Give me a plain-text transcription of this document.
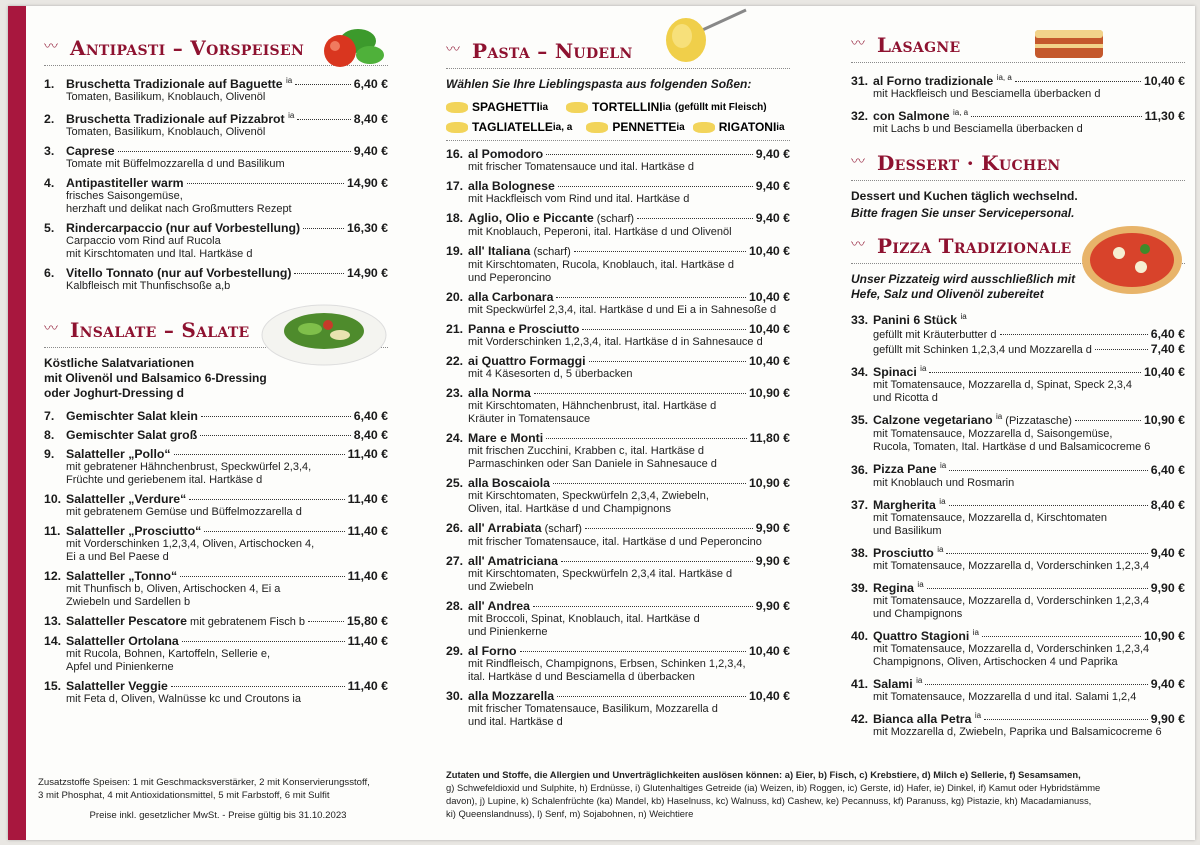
〰 Antipasti – Vorspeisen
1. Bruschetta Tradizionale auf Baguette $^{ia}$	6,40 €
Tomaten, Basilikum, Knoblauch, Olivenöl
2. Bruschetta Tradizionale auf Pizzabrot $^{ia}$	8,40 €
Tomaten, Basilikum, Knoblauch, Olivenöl
3. Caprese	9,40 €
Tomate mit Büffelmozzarella d und Basilikum
4. Antipastiteller warm	14,90 €
frisches Saisongemüse,
herzhaft und delikat nach Großmutters Rezept
5. Rindercarpaccio (nur auf Vorbestellung)	16,30 €
Carpaccio vom Rind auf Rucola
mit Kirschtomaten und Ital. Hartkäse d
6. Vitello Tonnato (nur auf Vorbestellung)	14,90 €
Kalbfleisch mit Thunfischsoße a,b
〰 Insalate – Salate
Köstliche Salatvariationen
mit Olivenöl und Balsamico 6-Dressing
oder Joghurt-Dressing d
7. Gemischter Salat klein	6,40 €
8. Gemischter Salat groß	8,40 €
9. Salatteller „Pollo“	11,40 €
mit gebratener Hähnchenbrust, Speckwürfel 2,3,4,
Früchte und geriebenem ital. Hartkäse d
10. Salatteller „Verdure“	11,40 €
mit gebratenem Gemüse und Büffelmozzarella d
11. Salatteller „Prosciutto“	11,40 €
mit Vorderschinken 1,2,3,4, Oliven, Artischocken 4,
Ei a und Bel Paese d
12. Salatteller „Tonno“	11,40 €
mit Thunfisch b, Oliven, Artischocken 4, Ei a
Zwiebeln und Sardellen b
13. Salatteller Pescatore mit gebratenem Fisch b	15,80 €
14. Salatteller Ortolana	11,40 €
mit Rucola, Bohnen, Kartoffeln, Sellerie e,
Apfel und Pinienkerne
15. Salatteller Veggie	11,40 €
mit Feta d, Oliven, Walnüsse kc und Croutons ia
Zusatzstoffe Speisen: 1 mit Geschmacksverstärker, 2 mit Konservierungsstoff,
3 mit Phosphat, 4 mit Antioxidationsmittel, 5 mit Farbstoff, 6 mit Sulfit
Preise inkl. gesetzlicher MwSt. - Preise gültig bis 31.10.2023
〰 Pasta – Nudeln
Wählen Sie Ihre Lieblingspasta aus folgenden Soßen:
SPAGHETTI ia	TORTELLINI ia (gefüllt mit Fleisch)
TAGLIATELLE ia, a	PENNETTE ia	RIGATONI ia
16. al Pomodoro	9,40 €
mit frischer Tomatensauce und ital. Hartkäse d
17. alla Bolognese	9,40 €
mit Hackfleisch vom Rind und ital. Hartkäse d
18. Aglio, Olio e Piccante (scharf)	9,40 €
mit Knoblauch, Peperoni, ital. Hartkäse d und Olivenöl
19. all' Italiana (scharf)	10,40 €
mit Kirschtomaten, Rucola, Knoblauch, ital. Hartkäse d
und Peperoncino
20. alla Carbonara	10,40 €
mit Speckwürfel 2,3,4, ital. Hartkäse d und Ei a in Sahnesoße d
21. Panna e Prosciutto	10,40 €
mit Vorderschinken 1,2,3,4, ital. Hartkäse d in Sahnesauce d
22. ai Quattro Formaggi	10,40 €
mit 4 Käsesorten d, 5 überbacken
23. alla Norma	10,90 €
mit Kirschtomaten, Hähnchenbrust, ital. Hartkäse d
Kräuter in Tomatensauce
24. Mare e Monti	11,80 €
mit frischen Zucchini, Krabben c, ital. Hartkäse d
Parmaschinken oder San Daniele in Sahnesauce d
25. alla Boscaiola	10,90 €
mit Kirschtomaten, Speckwürfeln 2,3,4, Zwiebeln,
Oliven, ital. Hartkäse d und Champignons
26. all' Arrabiata (scharf)	9,90 €
mit frischer Tomatensauce, ital. Hartkäse d und Peperoncino
27. all' Amatriciana	9,90 €
mit Kirschtomaten, Speckwürfeln 2,3,4 ital. Hartkäse d
und Zwiebeln
28. all' Andrea	9,90 €
mit Broccoli, Spinat, Knoblauch, ital. Hartkäse d
und Pinienkerne
29. al Forno	10,40 €
mit Rindfleisch, Champignons, Erbsen, Schinken 1,2,3,4,
ital. Hartkäse d und Besciamella d überbacken
30. alla Mozzarella	10,40 €
mit frischer Tomatensauce, Basilikum, Mozzarella d
und ital. Hartkäse d
Zutaten und Stoffe, die Allergien und Unverträglichkeiten auslösen können: a) Eier, b) Fisch, c) Krebstiere, d) Milch e) Sellerie, f) Sesamsamen,
g) Schwefeldioxid und Sulphite, h) Erdnüsse, i) Glutenhaltiges Getreide (ia) Weizen, ib) Roggen, ic) Gerste, id) Hafer, ie) Dinkel, if) Kamut oder Hybridstämme
davon), j) Lupine, k) Schalenfrüchte (ka) Mandel, kb) Haselnuss, kc) Walnuss, kd) Cashew, ke) Pecannuss, kf) Paranuss, kg) Pistazie, kh) Macadamianuss,
ki) Queenslandnuss), l) Senf, m) Sojabohnen, n) Weichtiere
〰 Lasagne
31. al Forno tradizionale $^{ia, a}$	10,40 €
mit Hackfleisch und Besciamella überbacken d
32. con Salmone $^{ia, a}$	11,30 €
mit Lachs b und Besciamella überbacken d
〰 Dessert · Kuchen
Dessert und Kuchen täglich wechselnd.
Bitte fragen Sie unser Servicepersonal.
〰 Pizza Tradizionale
Unser Pizzateig wird ausschließlich mit
Hefe, Salz und Olivenöl zubereitet
33. Panini 6 Stück $^{ia}$
gefüllt mit Kräuterbutter d	6,40 €
gefüllt mit Schinken 1,2,3,4 und Mozzarella d	7,40 €
34. Spinaci $^{ia}$	10,40 €
mit Tomatensauce, Mozzarella d, Spinat, Speck 2,3,4
und Ricotta d
35. Calzone vegetariano $^{ia}$ (Pizzatasche)	10,90 €
mit Tomatensauce, Mozzarella d, Saisongemüse,
Rucola, Tomaten, Ital. Hartkäse d und Balsamicocreme 6
36. Pizza Pane $^{ia}$	6,40 €
mit Knoblauch und Rosmarin
37. Margherita $^{ia}$	8,40 €
mit Tomatensauce, Mozzarella d, Kirschtomaten
und Basilikum
38. Prosciutto $^{ia}$	9,40 €
mit Tomatensauce, Mozzarella d, Vorderschinken 1,2,3,4
39. Regina $^{ia}$	9,90 €
mit Tomatensauce, Mozzarella d, Vorderschinken 1,2,3,4
und Champignons
40. Quattro Stagioni $^{ia}$	10,90 €
mit Tomatensauce, Mozzarella d, Vorderschinken 1,2,3,4
Champignons, Oliven, Artischocken 4 und Paprika
41. Salami $^{ia}$	9,40 €
mit Tomatensauce, Mozzarella d und ital. Salami 1,2,4
42. Bianca alla Petra $^{ia}$	9,90 €
mit Mozzarella d, Zwiebeln, Paprika und Balsamicocreme 6
